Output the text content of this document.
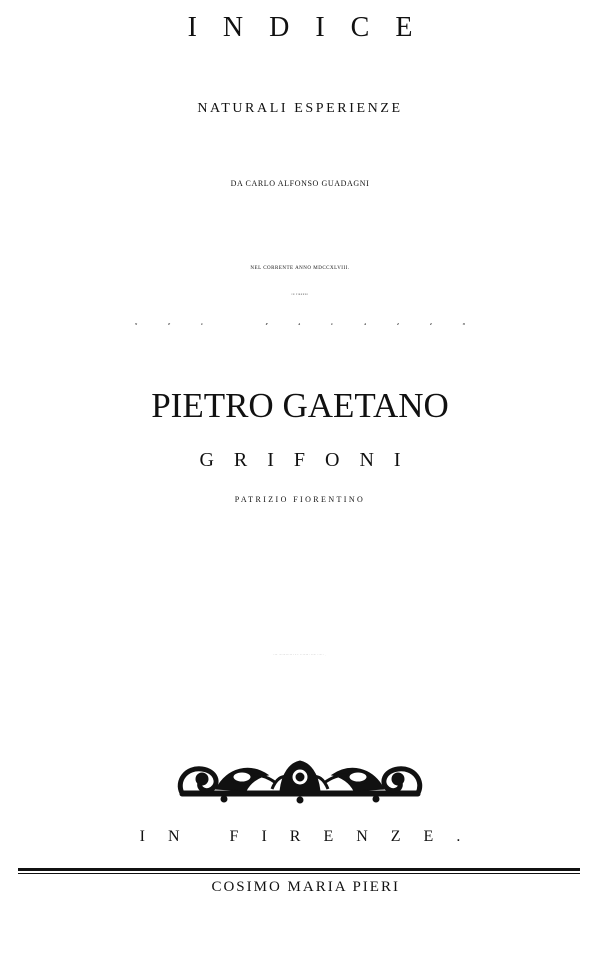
INDICE
NATURALI ESPERIENZE
DA CARLO ALFONSO GUADAGNI
NEL CORRENTE ANNO MDCCXLVIII.
IN FIRENZE
NEL PALAZZO
PIETRO GAETANO
GRIFONI
PATRIZIO FIORENTINO
PER INSTRUZIONE DE' SIGNORI SUOI FIGLI ,
IN FIRENZE.
COSIMO MARIA PIERI
